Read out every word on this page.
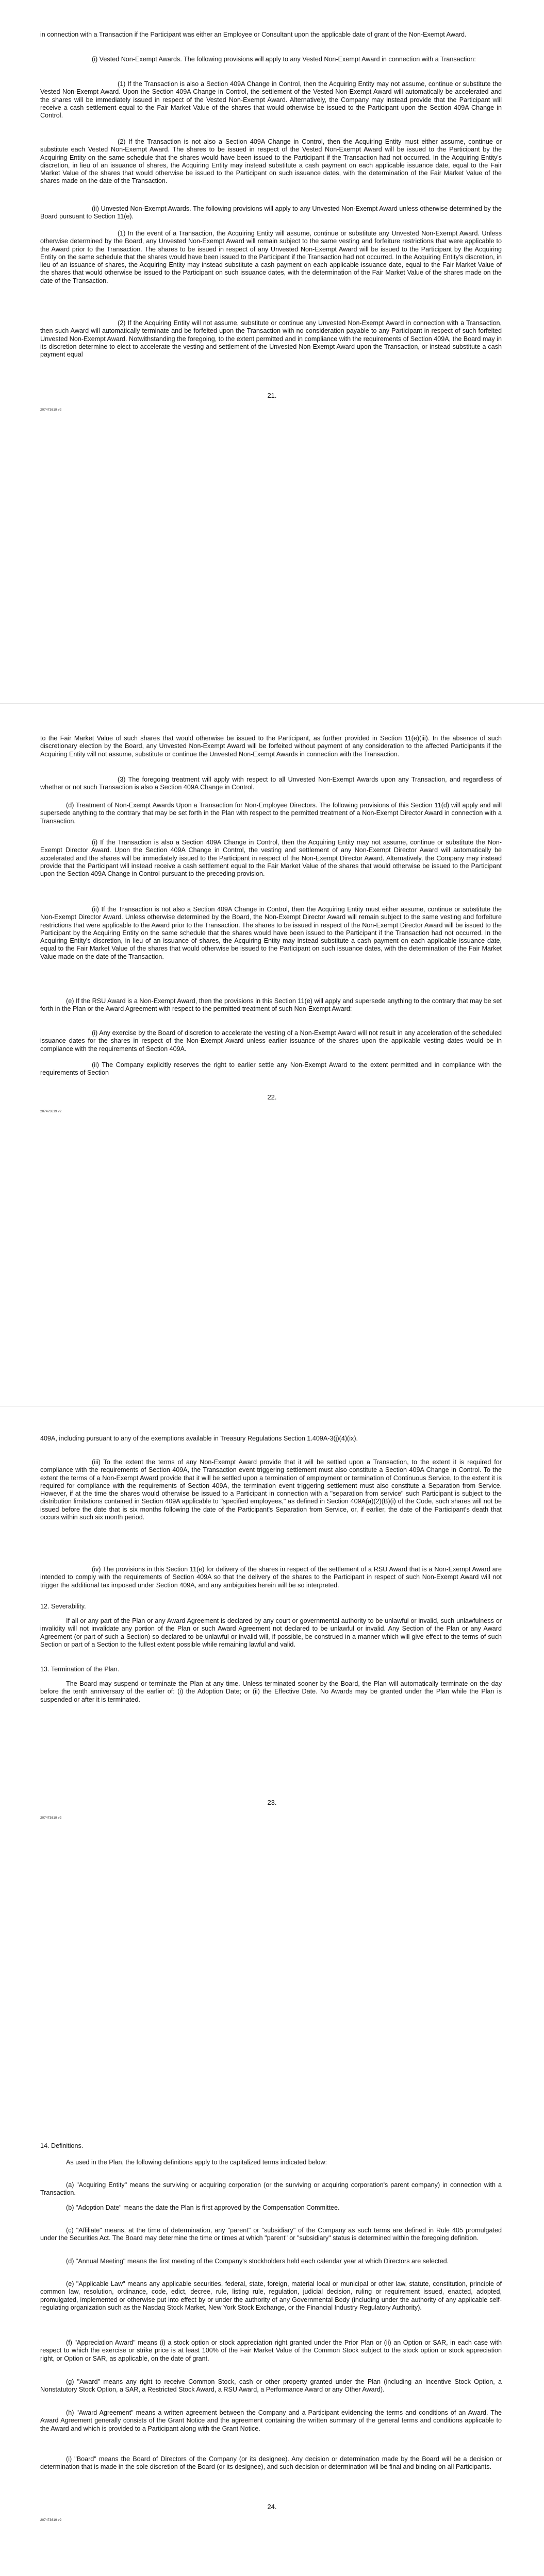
in connection with a Transaction if the Participant was either an Employee or Consultant upon the applicable date of grant of the Non-Exempt Award.

(i) Vested Non-Exempt Awards. The following provisions will apply to any Vested Non-Exempt Award in connection with a Transaction:

(1) If the Transaction is also a Section 409A Change in Control, then the Acquiring Entity may not assume, continue or substitute the Vested Non-Exempt Award. Upon the Section 409A Change in Control, the settlement of the Vested Non-Exempt Award will automatically be accelerated and the shares will be immediately issued in respect of the Vested Non-Exempt Award. Alternatively, the Company may instead provide that the Participant will receive a cash settlement equal to the Fair Market Value of the shares that would otherwise be issued to the Participant upon the Section 409A Change in Control.

(2) If the Transaction is not also a Section 409A Change in Control, then the Acquiring Entity must either assume, continue or substitute each Vested Non-Exempt Award. The shares to be issued in respect of the Vested Non-Exempt Award will be issued to the Participant by the Acquiring Entity on the same schedule that the shares would have been issued to the Participant if the Transaction had not occurred. In the Acquiring Entity's discretion, in lieu of an issuance of shares, the Acquiring Entity may instead substitute a cash payment on each applicable issuance date, equal to the Fair Market Value of the shares that would otherwise be issued to the Participant on such issuance dates, with the determination of the Fair Market Value of the shares made on the date of the Transaction.

(ii) Unvested Non-Exempt Awards. The following provisions will apply to any Unvested Non-Exempt Award unless otherwise determined by the Board pursuant to Section 11(e).

(1) In the event of a Transaction, the Acquiring Entity will assume, continue or substitute any Unvested Non-Exempt Award. Unless otherwise determined by the Board, any Unvested Non-Exempt Award will remain subject to the same vesting and forfeiture restrictions that were applicable to the Award prior to the Transaction. The shares to be issued in respect of any Unvested Non-Exempt Award will be issued to the Participant by the Acquiring Entity on the same schedule that the shares would have been issued to the Participant if the Transaction had not occurred. In the Acquiring Entity's discretion, in lieu of an issuance of shares, the Acquiring Entity may instead substitute a cash payment on each applicable issuance date, equal to the Fair Market Value of the shares that would otherwise be issued to the Participant on such issuance dates, with the determination of the Fair Market Value of the shares made on the date of the Transaction.

(2) If the Acquiring Entity will not assume, substitute or continue any Unvested Non-Exempt Award in connection with a Transaction, then such Award will automatically terminate and be forfeited upon the Transaction with no consideration payable to any Participant in respect of such forfeited Unvested Non-Exempt Award. Notwithstanding the foregoing, to the extent permitted and in compliance with the requirements of Section 409A, the Board may in its discretion determine to elect to accelerate the vesting and settlement of the Unvested Non-Exempt Award upon the Transaction, or instead substitute a cash payment equal

21.
207473619 v2

to the Fair Market Value of such shares that would otherwise be issued to the Participant, as further provided in Section 11(e)(iii). In the absence of such discretionary election by the Board, any Unvested Non-Exempt Award will be forfeited without payment of any consideration to the affected Participants if the Acquiring Entity will not assume, substitute or continue the Unvested Non-Exempt Awards in connection with the Transaction.

(3) The foregoing treatment will apply with respect to all Unvested Non-Exempt Awards upon any Transaction, and regardless of whether or not such Transaction is also a Section 409A Change in Control.

(d) Treatment of Non-Exempt Awards Upon a Transaction for Non-Employee Directors. The following provisions of this Section 11(d) will apply and will supersede anything to the contrary that may be set forth in the Plan with respect to the permitted treatment of a Non-Exempt Director Award in connection with a Transaction.

(i) If the Transaction is also a Section 409A Change in Control, then the Acquiring Entity may not assume, continue or substitute the Non-Exempt Director Award. Upon the Section 409A Change in Control, the vesting and settlement of any Non-Exempt Director Award will automatically be accelerated and the shares will be immediately issued to the Participant in respect of the Non-Exempt Director Award. Alternatively, the Company may instead provide that the Participant will instead receive a cash settlement equal to the Fair Market Value of the shares that would otherwise be issued to the Participant upon the Section 409A Change in Control pursuant to the preceding provision.

(ii) If the Transaction is not also a Section 409A Change in Control, then the Acquiring Entity must either assume, continue or substitute the Non-Exempt Director Award. Unless otherwise determined by the Board, the Non-Exempt Director Award will remain subject to the same vesting and forfeiture restrictions that were applicable to the Award prior to the Transaction. The shares to be issued in respect of the Non-Exempt Director Award will be issued to the Participant by the Acquiring Entity on the same schedule that the shares would have been issued to the Participant if the Transaction had not occurred. In the Acquiring Entity's discretion, in lieu of an issuance of shares, the Acquiring Entity may instead substitute a cash payment on each applicable issuance date, equal to the Fair Market Value of the shares that would otherwise be issued to the Participant on such issuance dates, with the determination of the Fair Market Value made on the date of the Transaction.

(e) If the RSU Award is a Non-Exempt Award, then the provisions in this Section 11(e) will apply and supersede anything to the contrary that may be set forth in the Plan or the Award Agreement with respect to the permitted treatment of such Non-Exempt Award:

(i) Any exercise by the Board of discretion to accelerate the vesting of a Non-Exempt Award will not result in any acceleration of the scheduled issuance dates for the shares in respect of the Non-Exempt Award unless earlier issuance of the shares upon the applicable vesting dates would be in compliance with the requirements of Section 409A.

(ii) The Company explicitly reserves the right to earlier settle any Non-Exempt Award to the extent permitted and in compliance with the requirements of Section

22.
207473619 v2

409A, including pursuant to any of the exemptions available in Treasury Regulations Section 1.409A-3(j)(4)(ix).

(iii) To the extent the terms of any Non-Exempt Award provide that it will be settled upon a Transaction, to the extent it is required for compliance with the requirements of Section 409A, the Transaction event triggering settlement must also constitute a Section 409A Change in Control. To the extent the terms of a Non-Exempt Award provide that it will be settled upon a termination of employment or termination of Continuous Service, to the extent it is required for compliance with the requirements of Section 409A, the termination event triggering settlement must also constitute a Separation from Service. However, if at the time the shares would otherwise be issued to a Participant in connection with a "separation from service" such Participant is subject to the distribution limitations contained in Section 409A applicable to "specified employees," as defined in Section 409A(a)(2)(B)(i) of the Code, such shares will not be issued before the date that is six months following the date of the Participant's Separation from Service, or, if earlier, the date of the Participant's death that occurs within such six month period.

(iv) The provisions in this Section 11(e) for delivery of the shares in respect of the settlement of a RSU Award that is a Non-Exempt Award are intended to comply with the requirements of Section 409A so that the delivery of the shares to the Participant in respect of such Non-Exempt Award will not trigger the additional tax imposed under Section 409A, and any ambiguities herein will be so interpreted.

12. Severability.

If all or any part of the Plan or any Award Agreement is declared by any court or governmental authority to be unlawful or invalid, such unlawfulness or invalidity will not invalidate any portion of the Plan or such Award Agreement not declared to be unlawful or invalid. Any Section of the Plan or any Award Agreement (or part of such a Section) so declared to be unlawful or invalid will, if possible, be construed in a manner which will give effect to the terms of such Section or part of a Section to the fullest extent possible while remaining lawful and valid.

13. Termination of the Plan.

The Board may suspend or terminate the Plan at any time. Unless terminated sooner by the Board, the Plan will automatically terminate on the day before the tenth anniversary of the earlier of: (i) the Adoption Date; or (ii) the Effective Date. No Awards may be granted under the Plan while the Plan is suspended or after it is terminated.

23.
207473619 v2

14. Definitions.

As used in the Plan, the following definitions apply to the capitalized terms indicated below:

(a) "Acquiring Entity" means the surviving or acquiring corporation (or the surviving or acquiring corporation's parent company) in connection with a Transaction.

(b) "Adoption Date" means the date the Plan is first approved by the Compensation Committee.

(c) "Affiliate" means, at the time of determination, any "parent" or "subsidiary" of the Company as such terms are defined in Rule 405 promulgated under the Securities Act. The Board may determine the time or times at which "parent" or "subsidiary" status is determined within the foregoing definition.

(d) "Annual Meeting" means the first meeting of the Company's stockholders held each calendar year at which Directors are selected.

(e) "Applicable Law" means any applicable securities, federal, state, foreign, material local or municipal or other law, statute, constitution, principle of common law, resolution, ordinance, code, edict, decree, rule, listing rule, regulation, judicial decision, ruling or requirement issued, enacted, adopted, promulgated, implemented or otherwise put into effect by or under the authority of any Governmental Body (including under the authority of any applicable self-regulating organization such as the Nasdaq Stock Market, New York Stock Exchange, or the Financial Industry Regulatory Authority).

(f) "Appreciation Award" means (i) a stock option or stock appreciation right granted under the Prior Plan or (ii) an Option or SAR, in each case with respect to which the exercise or strike price is at least 100% of the Fair Market Value of the Common Stock subject to the stock option or stock appreciation right, or Option or SAR, as applicable, on the date of grant.

(g) "Award" means any right to receive Common Stock, cash or other property granted under the Plan (including an Incentive Stock Option, a Nonstatutory Stock Option, a SAR, a Restricted Stock Award, a RSU Award, a Performance Award or any Other Award).

(h) "Award Agreement" means a written agreement between the Company and a Participant evidencing the terms and conditions of an Award. The Award Agreement generally consists of the Grant Notice and the agreement containing the written summary of the general terms and conditions applicable to the Award and which is provided to a Participant along with the Grant Notice.

(i) "Board" means the Board of Directors of the Company (or its designee). Any decision or determination made by the Board will be a decision or determination that is made in the sole discretion of the Board (or its designee), and such decision or determination will be final and binding on all Participants.

24.
207473619 v2
